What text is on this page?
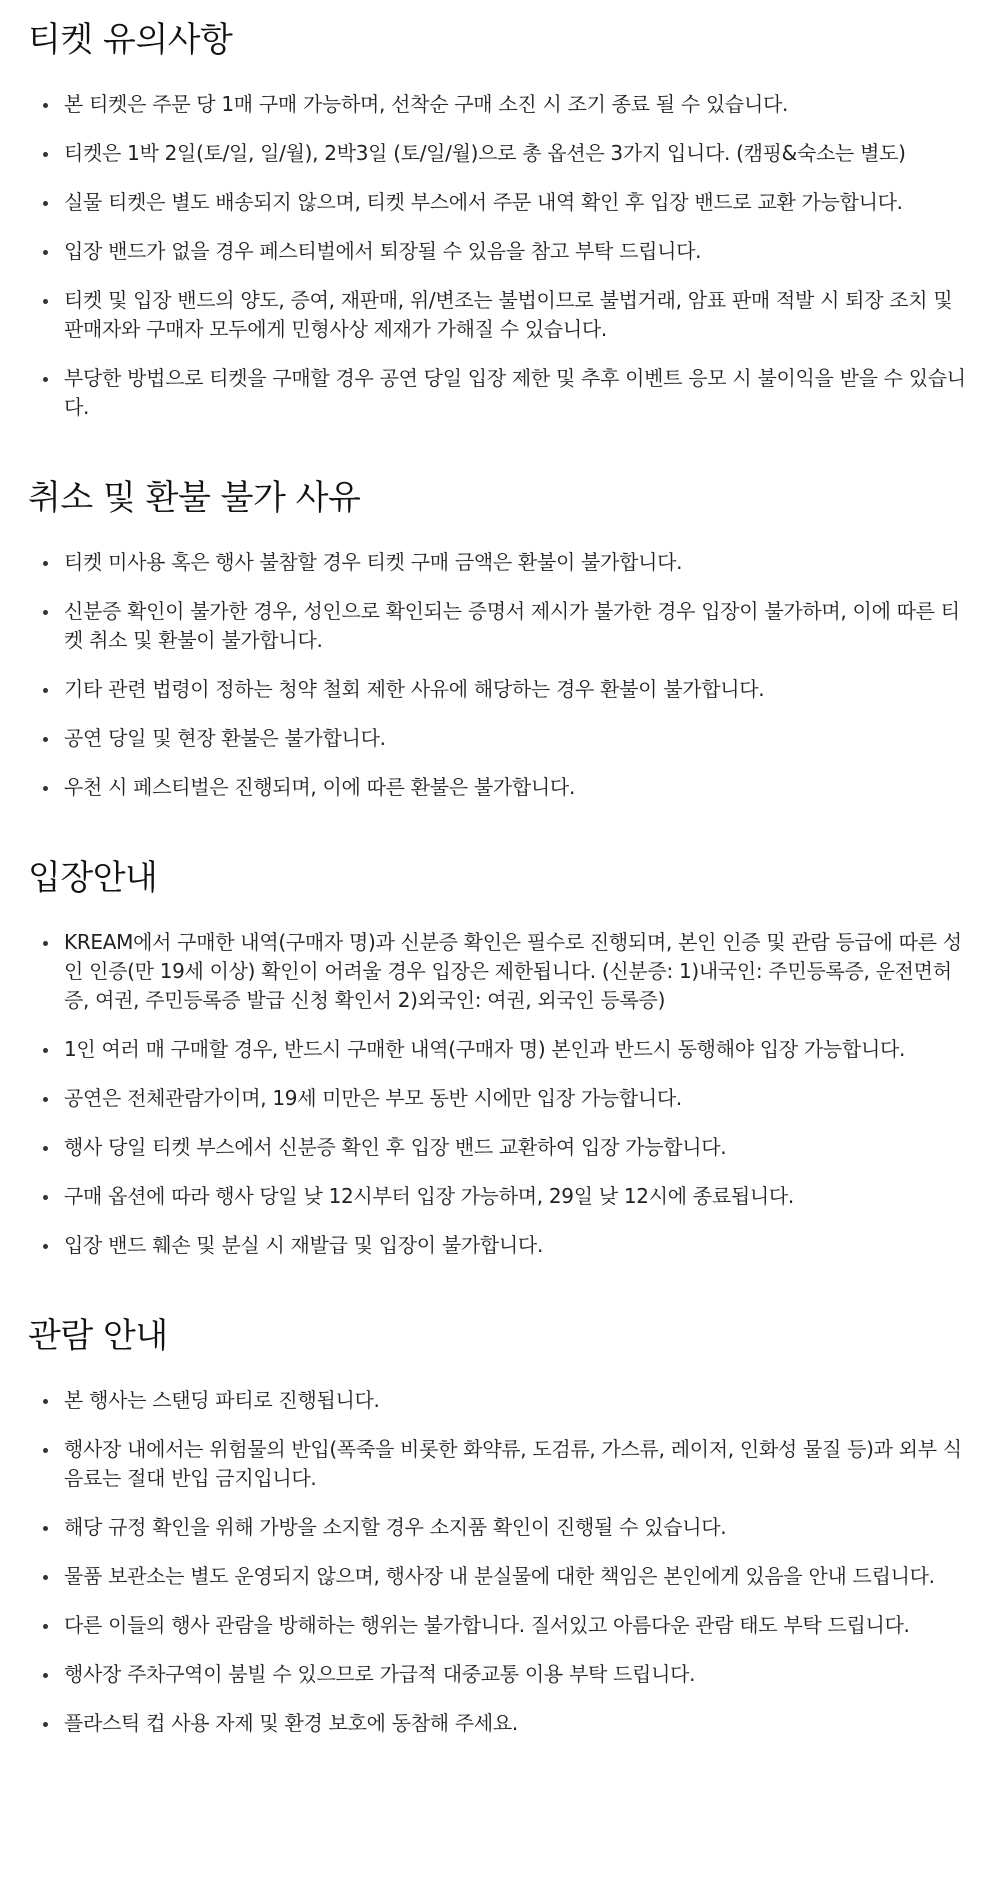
티켓 유의사항
본 티켓은 주문 당 1매 구매 가능하며, 선착순 구매 소진 시 조기 종료 될 수 있습니다.
티켓은 1박 2일(토/일, 일/월), 2박3일 (토/일/월)으로 총 옵션은 3가지 입니다. (캠핑&숙소는 별도)
실물 티켓은 별도 배송되지 않으며, 티켓 부스에서 주문 내역 확인 후 입장 밴드로 교환 가능합니다.
입장 밴드가 없을 경우 페스티벌에서 퇴장될 수 있음을 참고 부탁 드립니다.
티켓 및 입장 밴드의 양도, 증여, 재판매, 위/변조는 불법이므로 불법거래, 암표 판매 적발 시 퇴장 조치 및 판매자와 구매자 모두에게 민형사상 제재가 가해질 수 있습니다.
부당한 방법으로 티켓을 구매할 경우 공연 당일 입장 제한 및 추후 이벤트 응모 시 불이익을 받을 수 있습니다.
취소 및 환불 불가 사유
티켓 미사용 혹은 행사 불참할 경우 티켓 구매 금액은 환불이 불가합니다.
신분증 확인이 불가한 경우, 성인으로 확인되는 증명서 제시가 불가한 경우 입장이 불가하며, 이에 따른 티켓 취소 및 환불이 불가합니다.
기타 관련 법령이 정하는 청약 철회 제한 사유에 해당하는 경우 환불이 불가합니다.
공연 당일 및 현장 환불은 불가합니다.
우천 시 페스티벌은 진행되며, 이에 따른 환불은 불가합니다.
입장안내
KREAM에서 구매한 내역(구매자 명)과 신분증 확인은 필수로 진행되며, 본인 인증 및 관람 등급에 따른 성인 인증(만 19세 이상) 확인이 어려울 경우 입장은 제한됩니다. (신분증: 1)내국인: 주민등록증, 운전면허증, 여권, 주민등록증 발급 신청 확인서 2)외국인: 여권, 외국인 등록증)
1인 여러 매 구매할 경우, 반드시 구매한 내역(구매자 명) 본인과 반드시 동행해야 입장 가능합니다.
공연은 전체관람가이며, 19세 미만은 부모 동반 시에만 입장 가능합니다.
행사 당일 티켓 부스에서 신분증 확인 후 입장 밴드 교환하여 입장 가능합니다.
구매 옵션에 따라 행사 당일 낮 12시부터 입장 가능하며, 29일 낮 12시에 종료됩니다.
입장 밴드 훼손 및 분실 시 재발급 및 입장이 불가합니다.
관람 안내
본 행사는 스탠딩 파티로 진행됩니다.
행사장 내에서는 위험물의 반입(폭죽을 비롯한 화약류, 도검류, 가스류, 레이저, 인화성 물질 등)과 외부 식음료는 절대 반입 금지입니다.
해당 규정 확인을 위해 가방을 소지할 경우 소지품 확인이 진행될 수 있습니다.
물품 보관소는 별도 운영되지 않으며, 행사장 내 분실물에 대한 책임은 본인에게 있음을 안내 드립니다.
다른 이들의 행사 관람을 방해하는 행위는 불가합니다. 질서있고 아름다운 관람 태도 부탁 드립니다.
행사장 주차구역이 붐빌 수 있으므로 가급적 대중교통 이용 부탁 드립니다.
플라스틱 컵 사용 자제 및 환경 보호에 동참해 주세요.
